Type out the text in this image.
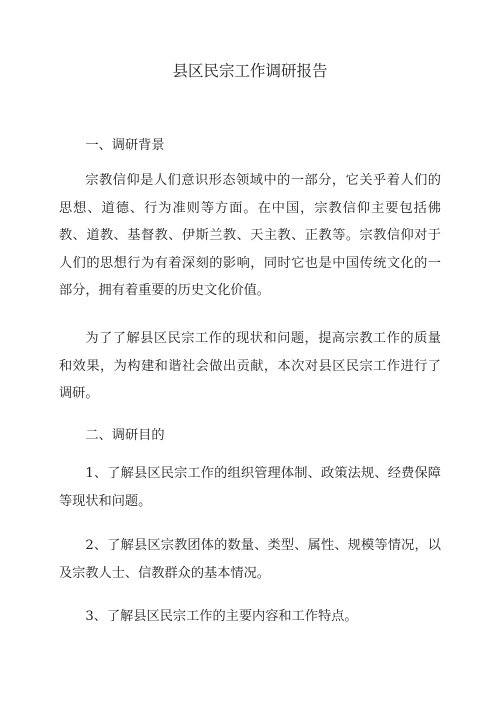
县区民宗工作调研报告

一、调研背景

宗教信仰是人们意识形态领域中的一部分，它关乎着人们的思想、道德、行为准则等方面。在中国，宗教信仰主要包括佛教、道教、基督教、伊斯兰教、天主教、正教等。宗教信仰对于人们的思想行为有着深刻的影响，同时它也是中国传统文化的一部分，拥有着重要的历史文化价值。

为了了解县区民宗工作的现状和问题，提高宗教工作的质量和效果，为构建和谐社会做出贡献，本次对县区民宗工作进行了调研。

二、调研目的

1、了解县区民宗工作的组织管理体制、政策法规、经费保障等现状和问题。

2、了解县区宗教团体的数量、类型、属性、规模等情况，以及宗教人士、信教群众的基本情况。

3、了解县区民宗工作的主要内容和工作特点。
